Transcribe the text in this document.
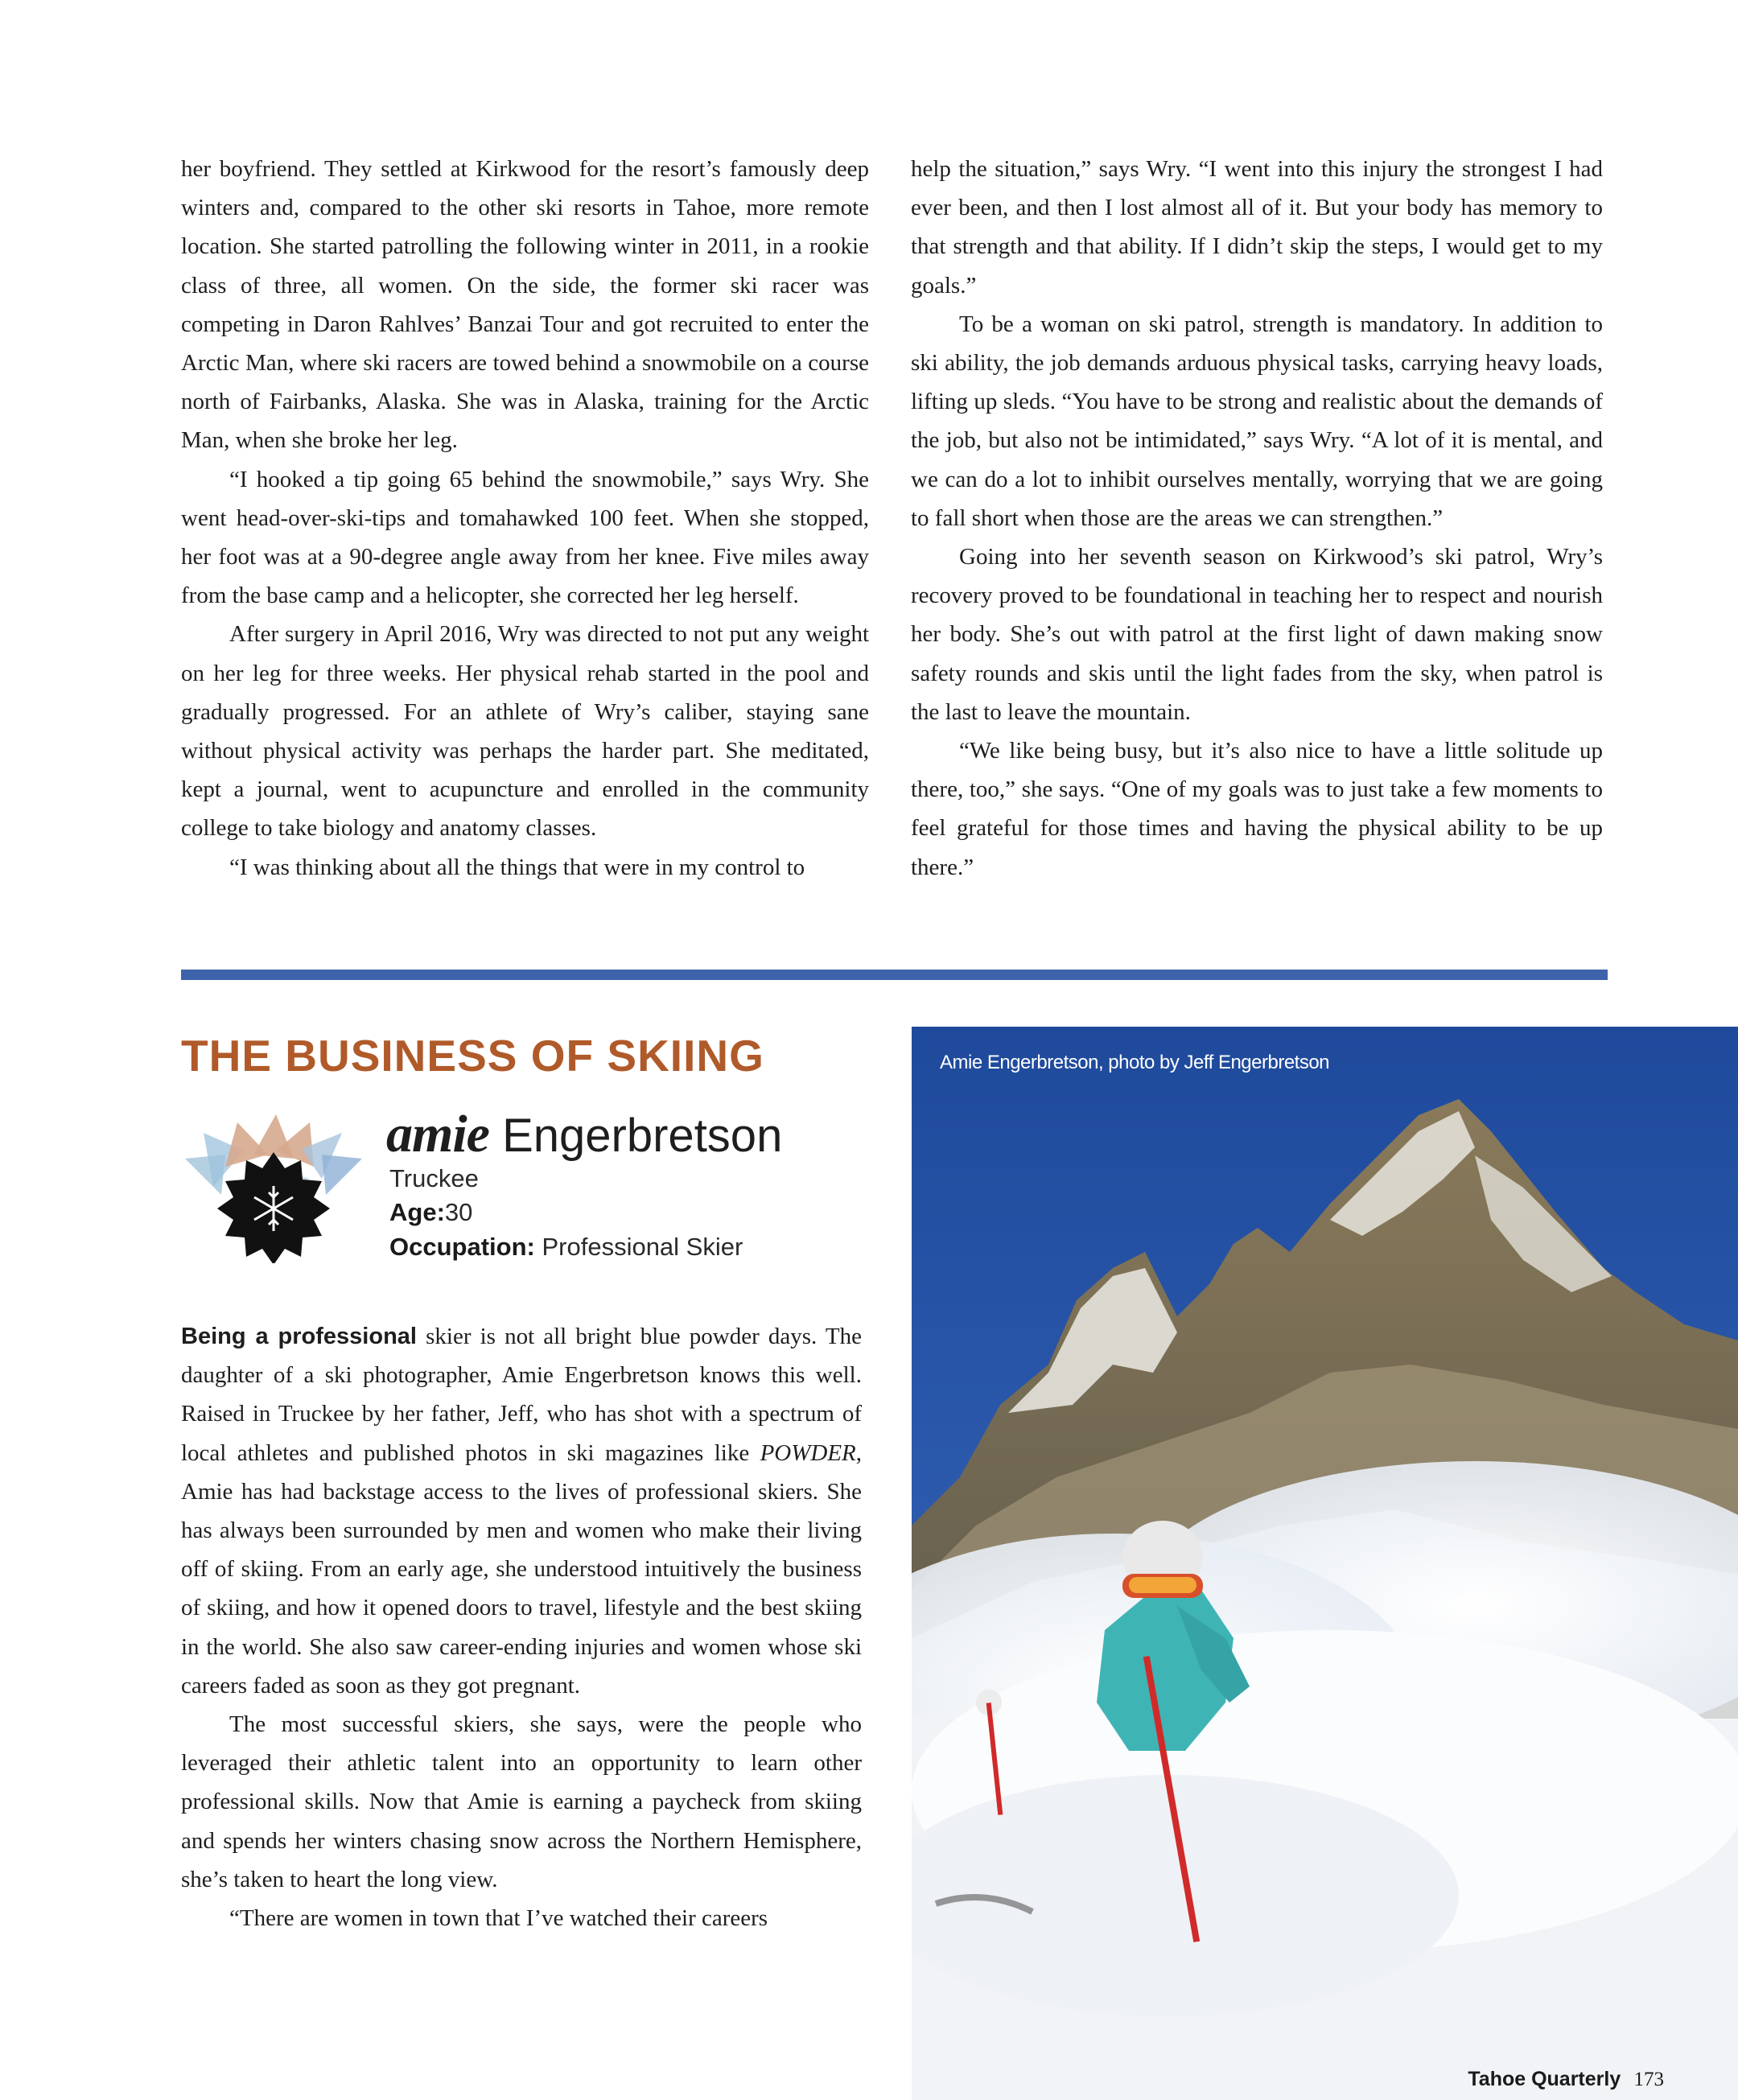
her boyfriend. They settled at Kirkwood for the resort’s famously deep winters and, compared to the other ski resorts in Tahoe, more remote location. She started patrolling the following winter in 2011, in a rookie class of three, all women. On the side, the former ski racer was competing in Daron Rahlves’ Banzai Tour and got recruited to enter the Arctic Man, where ski racers are towed behind a snowmobile on a course north of Fairbanks, Alaska. She was in Alaska, training for the Arctic Man, when she broke her leg.

“I hooked a tip going 65 behind the snowmobile,” says Wry. She went head-over-ski-tips and tomahawked 100 feet. When she stopped, her foot was at a 90-degree angle away from her knee. Five miles away from the base camp and a helicopter, she corrected her leg herself.

After surgery in April 2016, Wry was directed to not put any weight on her leg for three weeks. Her physical rehab started in the pool and gradually progressed. For an athlete of Wry’s caliber, staying sane without physical activity was perhaps the harder part. She meditated, kept a journal, went to acupuncture and enrolled in the community college to take biology and anatomy classes.

“I was thinking about all the things that were in my control to

help the situation,” says Wry. “I went into this injury the strongest I had ever been, and then I lost almost all of it. But your body has memory to that strength and that ability. If I didn’t skip the steps, I would get to my goals.”

To be a woman on ski patrol, strength is mandatory. In addition to ski ability, the job demands arduous physical tasks, carrying heavy loads, lifting up sleds. “You have to be strong and realistic about the demands of the job, but also not be intimidated,” says Wry. “A lot of it is mental, and we can do a lot to inhibit ourselves mentally, worrying that we are going to fall short when those are the areas we can strengthen.”

Going into her seventh season on Kirkwood’s ski patrol, Wry’s recovery proved to be foundational in teaching her to respect and nourish her body. She’s out with patrol at the first light of dawn making snow safety rounds and skis until the light fades from the sky, when patrol is the last to leave the mountain.

“We like being busy, but it’s also nice to have a little solitude up there, too,” she says. “One of my goals was to just take a few moments to feel grateful for those times and having the physical ability to be up there.”

THE BUSINESS OF SKIING
amie Engerbretson
Truckee
Age:30
Occupation: Professional Skier

Being a professional skier is not all bright blue powder days. The daughter of a ski photographer, Amie Engerbretson knows this well. Raised in Truckee by her father, Jeff, who has shot with a spectrum of local athletes and published photos in ski magazines like POWDER, Amie has had backstage access to the lives of professional skiers. She has always been surrounded by men and women who make their living off of skiing. From an early age, she understood intuitively the business of skiing, and how it opened doors to travel, lifestyle and the best skiing in the world. She also saw career-ending injuries and women whose ski careers faded as soon as they got pregnant.

The most successful skiers, she says, were the people who leveraged their athletic talent into an opportunity to learn other professional skills. Now that Amie is earning a paycheck from skiing and spends her winters chasing snow across the Northern Hemisphere, she’s taken to heart the long view.

“There are women in town that I’ve watched their careers

Amie Engerbretson, photo by Jeff Engerbretson
Tahoe Quarterly 173
